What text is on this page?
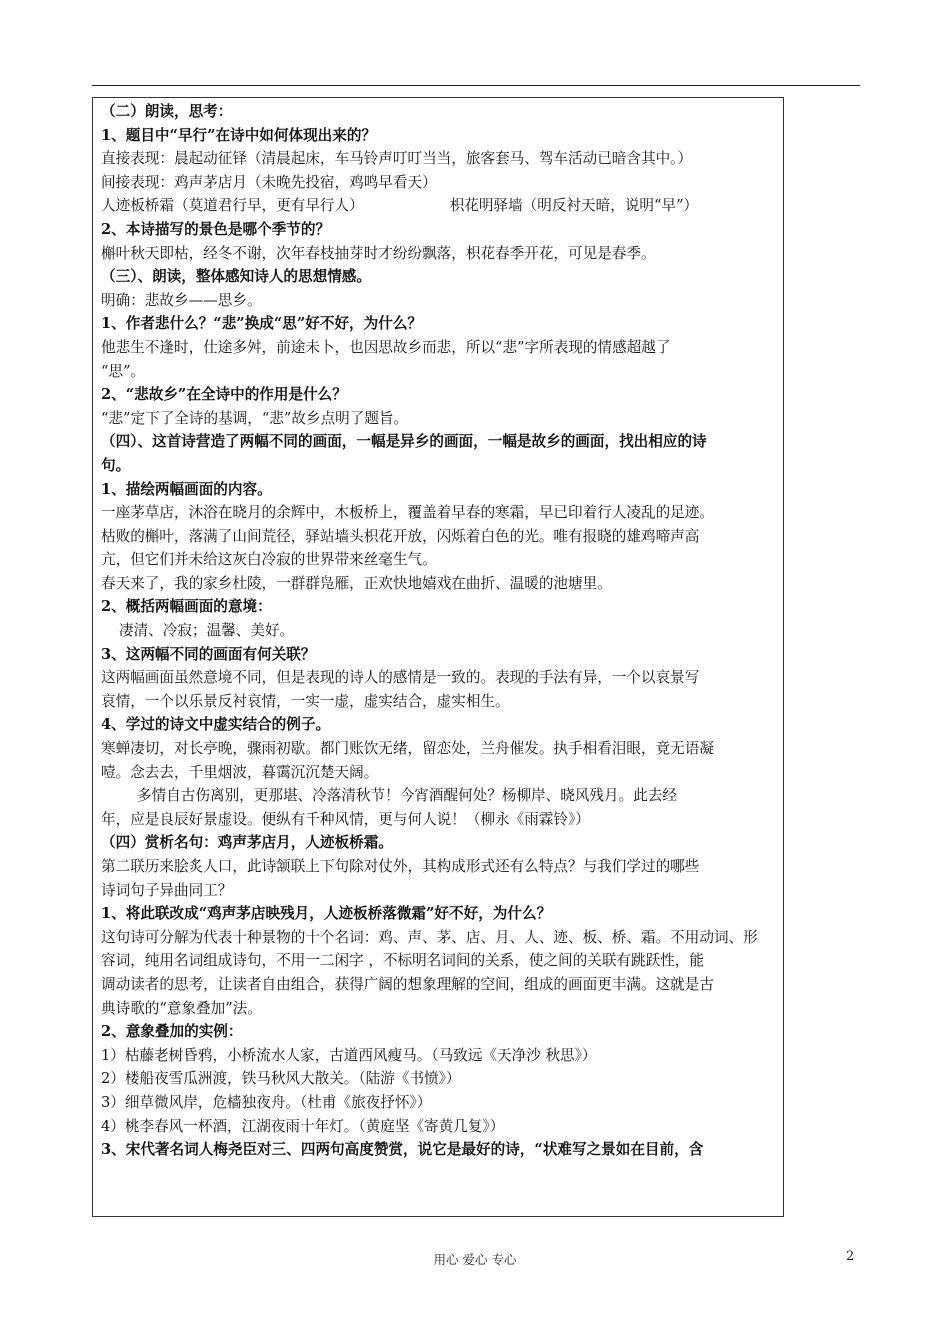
（二）朗读，思考：
1、题目中“早行”在诗中如何体现出来的？
直接表现：晨起动征铎（清晨起床，车马铃声叮叮当当，旅客套马、驾车活动已暗含其中。）
间接表现：鸡声茅店月（未晚先投宿，鸡鸣早看天）
人迹板桥霜（莫道君行早，更有早行人）	枳花明驿墙（明反衬天暗，说明“早”）
2、本诗描写的景色是哪个季节的？
槲叶秋天即枯，经冬不谢，次年春枝抽芽时才纷纷飘落，枳花春季开花，可见是春季。
（三）、朗读，整体感知诗人的思想情感。
明确：悲故乡——思乡。
1、作者悲什么？“悲”换成“思”好不好，为什么？
他悲生不逢时，仕途多舛，前途未卜，也因思故乡而悲，所以“悲”字所表现的情感超越了
“思”。
2、“悲故乡”在全诗中的作用是什么？
“悲”定下了全诗的基调，“悲”故乡点明了题旨。
（四）、这首诗营造了两幅不同的画面，一幅是异乡的画面，一幅是故乡的画面，找出相应的诗
句。
1、描绘两幅画面的内容。
一座茅草店，沐浴在晓月的余辉中，木板桥上，覆盖着早春的寒霜，早已印着行人凌乱的足迹。
枯败的槲叶，落满了山间荒径，驿站墙头枳花开放，闪烁着白色的光。唯有报晓的雄鸡啼声高
亢，但它们并未给这灰白冷寂的世界带来丝毫生气。
春天来了，我的家乡杜陵，一群群凫雁，正欢快地嬉戏在曲折、温暖的池塘里。
2、概括两幅画面的意境：
凄清、冷寂；温馨、美好。
3、这两幅不同的画面有何关联？
这两幅画面虽然意境不同，但是表现的诗人的感情是一致的。表现的手法有异，一个以哀景写
哀情，一个以乐景反衬哀情，一实一虚，虚实结合，虚实相生。
4、学过的诗文中虚实结合的例子。
寒蝉凄切，对长亭晚，骤雨初歇。都门账饮无绪，留恋处，兰舟催发。执手相看泪眼，竟无语凝
噎。念去去，千里烟波，暮霭沉沉楚天阔。
多情自古伤离别，更那堪、冷落清秋节！今宵酒醒何处？杨柳岸、晓风残月。此去经
年，应是良辰好景虚设。便纵有千种风情，更与何人说！（柳永《雨霖铃》）
（四）赏析名句：鸡声茅店月，人迹板桥霜。
第二联历来脍炙人口，此诗颔联上下句除对仗外，其构成形式还有么特点？与我们学过的哪些
诗词句子异曲同工？
1、将此联改成“鸡声茅店映残月，人迹板桥落微霜”好不好，为什么？
这句诗可分解为代表十种景物的十个名词：鸡、声、茅、店、月、人、迹、板、桥、霜。不用动词、形
容词，纯用名词组成诗句，不用一二闲字 ，不标明名词间的关系，使之间的关联有跳跃性，能
调动读者的思考，让读者自由组合，获得广阔的想象理解的空间，组成的画面更丰满。这就是古
典诗歌的“意象叠加”法。
2、意象叠加的实例：
1）枯藤老树昏鸦，小桥流水人家，古道西风瘦马。（马致远《天净沙 秋思》）
2）楼船夜雪瓜洲渡，铁马秋风大散关。（陆游《书愤》）
3）细草微风岸，危樯独夜舟。（杜甫《旅夜抒怀》）
4）桃李春风一杯酒，江湖夜雨十年灯。（黄庭坚《寄黄几复》）
3、宋代著名词人梅尧臣对三、四两句高度赞赏，说它是最好的诗，“状难写之景如在目前，含
用心 爱心 专心	2
